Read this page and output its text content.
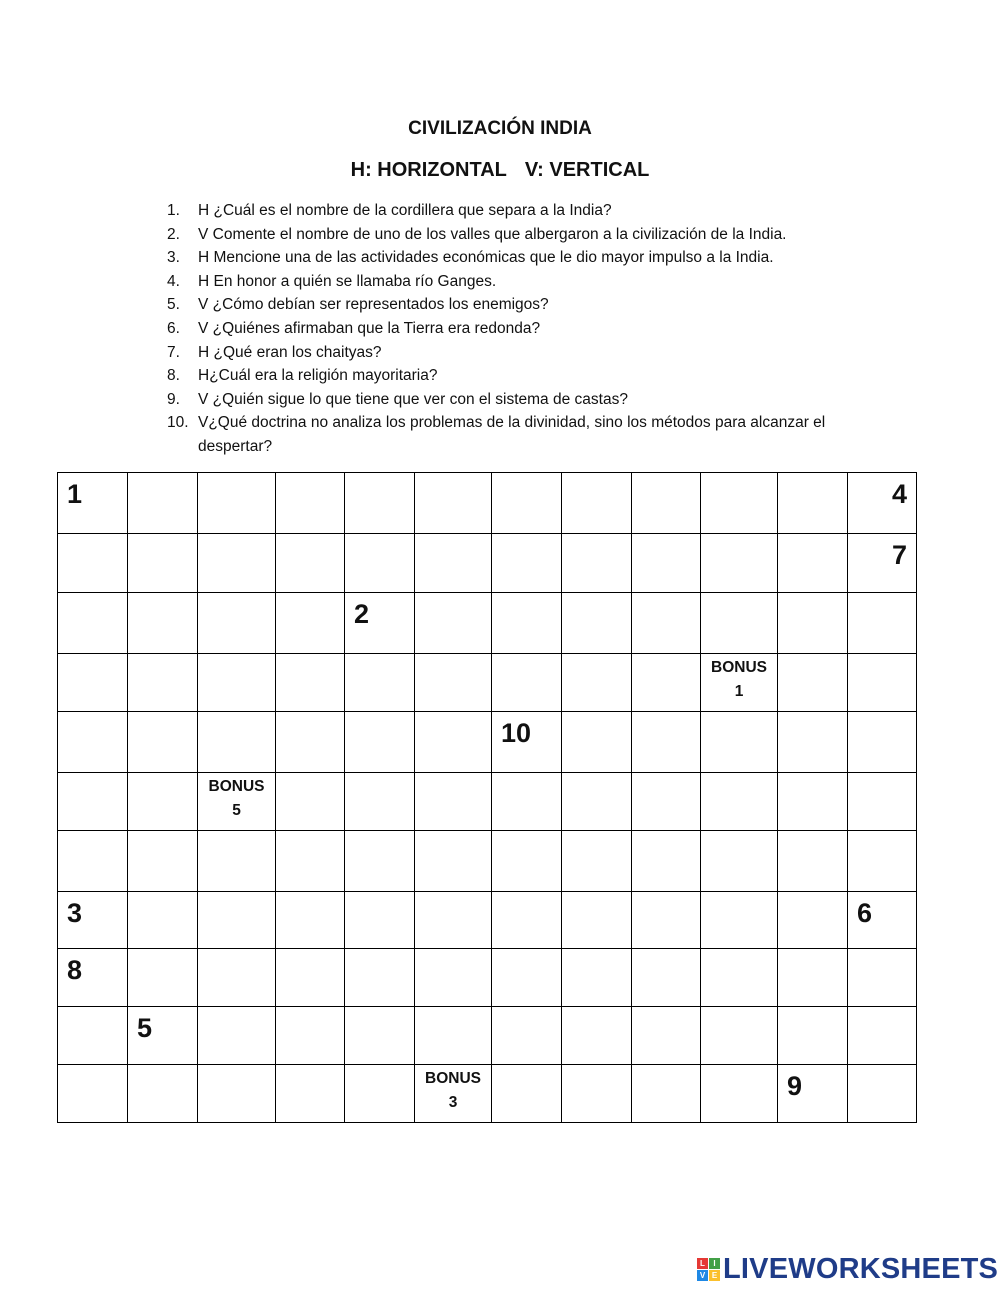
CIVILIZACIÓN INDIA
H: HORIZONTAL V: VERTICAL
1. H ¿Cuál es el nombre de la cordillera que separa a la India?
2. V Comente el nombre de uno de los valles que albergaron a la civilización de la India.
3. H Mencione una de las actividades económicas que le dio mayor impulso a la India.
4. H En honor a quién se llamaba río Ganges.
5. V ¿Cómo debían ser representados los enemigos?
6. V ¿Quiénes afirmaban que la Tierra era redonda?
7. H ¿Qué eran los chaityas?
8. H¿Cuál era la religión mayoritaria?
9. V ¿Quién sigue lo que tiene que ver con el sistema de castas?
10. V¿Qué doctrina no analiza los problemas de la divinidad, sino los métodos para alcanzar el despertar?
1											4

											7

				2							

									BONUS
1		

						10					

		BONUS
5									

3											6

8											

	5										

					BONUS
3					9	

L	I
V E LIVEWORKSHEETS
